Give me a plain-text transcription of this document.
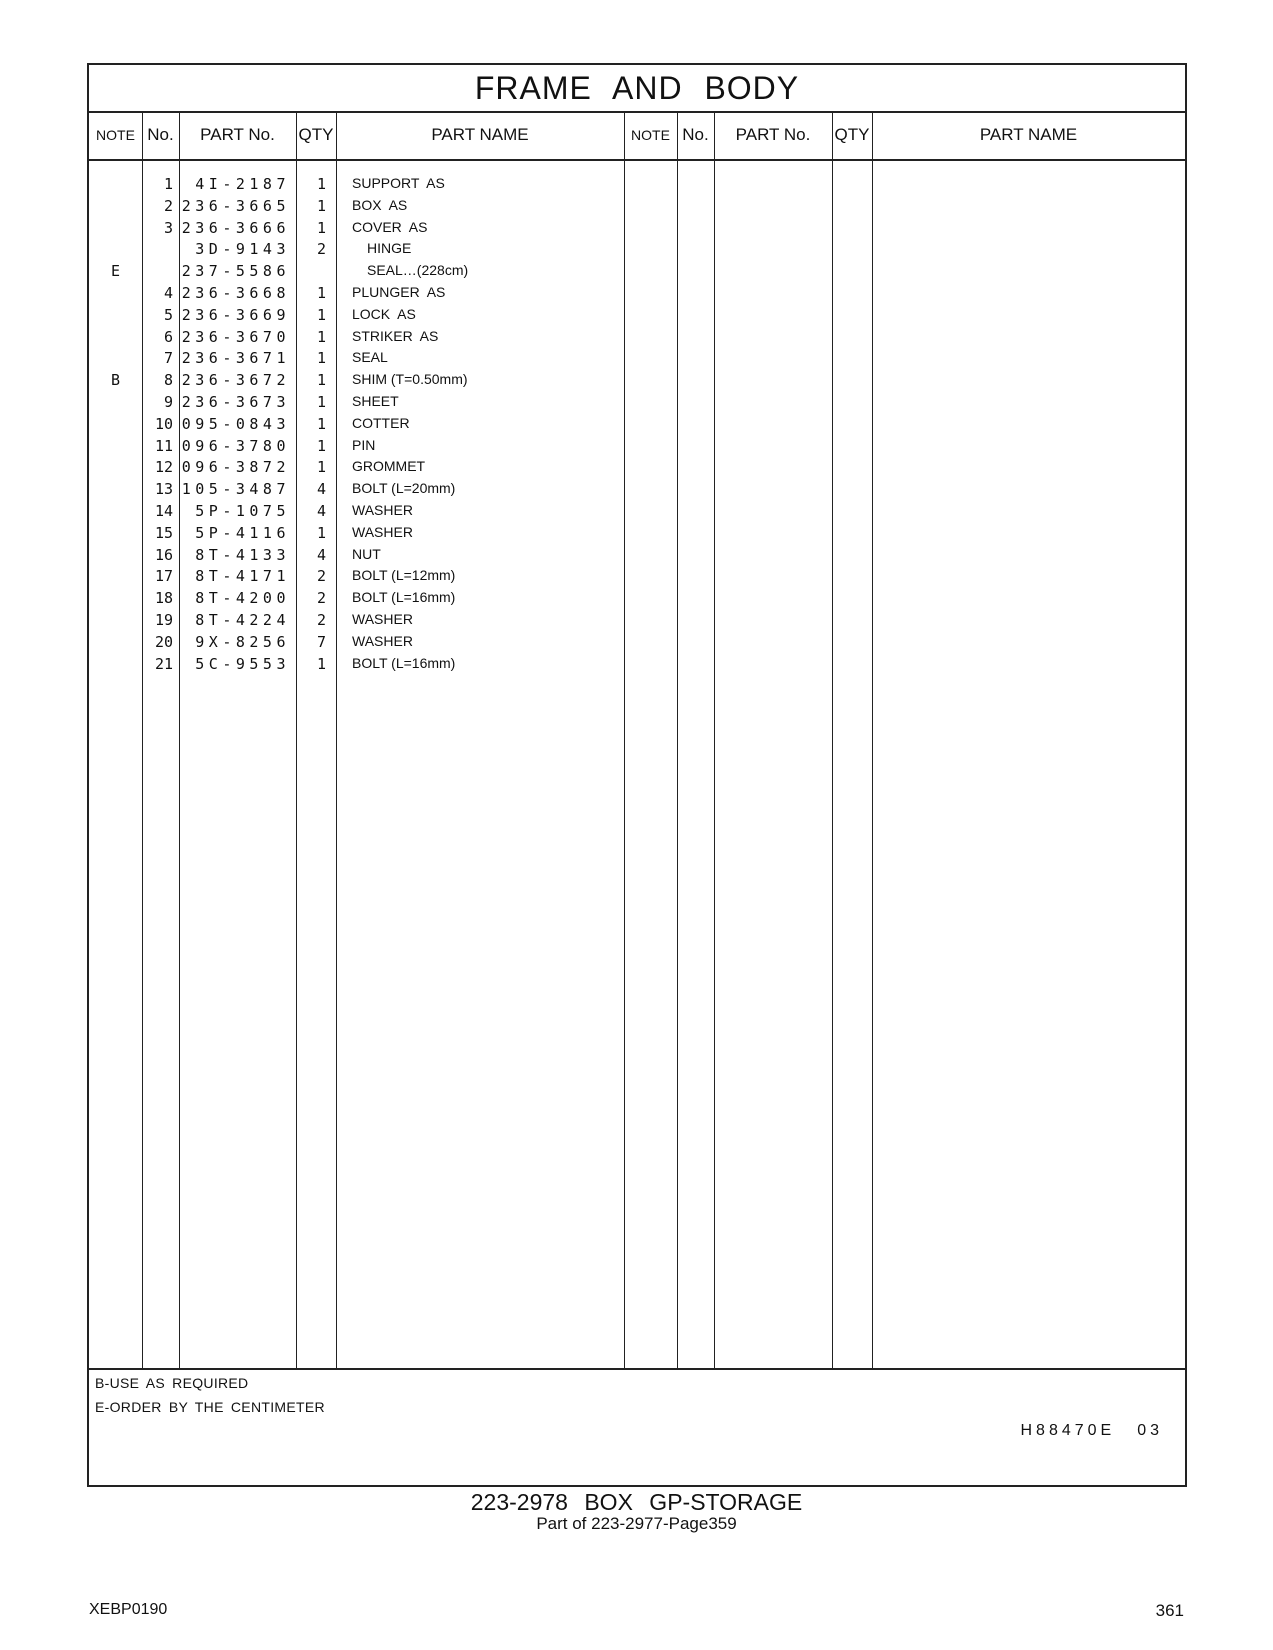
FRAME AND BODY
NOTE No.	PART No.	QTY	PART NAME	NOTE No.	PART No.	QTY	PART NAME
1	4I-2187	1 SUPPORT  AS
2 236-3665	1 BOX  AS
3 236-3666	1 COVER  AS
3D-9143	2	HINGE
E	237-5586	SEAL…(228cm)
4 236-3668	1 PLUNGER  AS
5 236-3669	1 LOCK  AS
6 236-3670	1 STRIKER  AS
7 236-3671	1 SEAL
B	8 236-3672	1 SHIM (T=0.50mm)
9 236-3673	1 SHEET
10 095-0843	1 COTTER
11 096-3780	1 PIN
12 096-3872	1 GROMMET
13 105-3487	4 BOLT (L=20mm)
14	5P-1075	4 WASHER
15	5P-4116	1 WASHER
16	8T-4133	4 NUT
17	8T-4171	2 BOLT (L=12mm)
18	8T-4200	2 BOLT (L=16mm)
19	8T-4224	2 WASHER
20	9X-8256	7 WASHER
21	5C-9553	1 BOLT (L=16mm)
B-USE AS REQUIRED
E-ORDER BY THE CENTIMETER
H88470E 03
223-2978 BOX GP-STORAGE
Part of 223-2977-Page359
XEBP0190	361
